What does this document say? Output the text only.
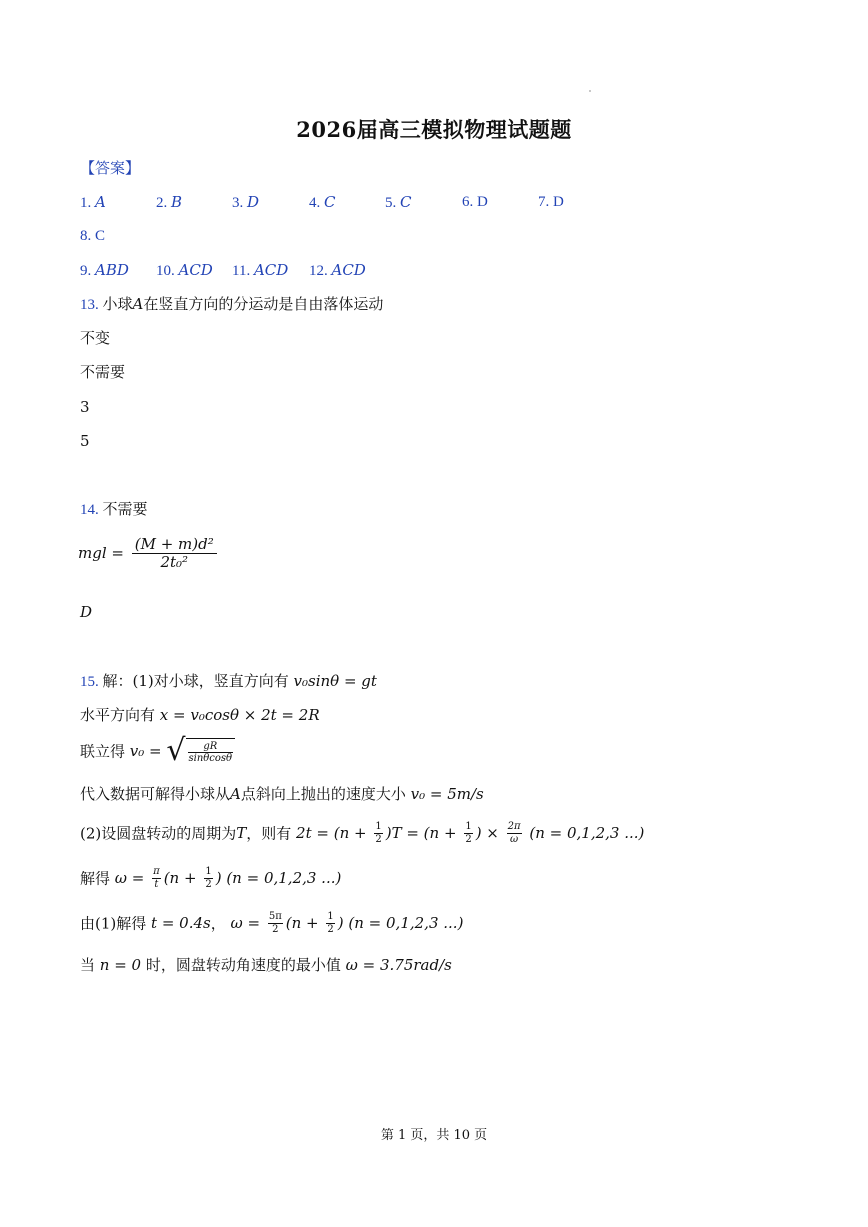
2026届高三模拟物理试题题
【答案】
1. A	2. B	3. D	4. C	5. C	6. D	7. D
8. C
9. ABD 10. ACD 11. ACD 12. ACD
13. 小球A在竖直方向的分运动是自由落体运动
不变
不需要
3
5
14. 不需要
mgl = $\frac{\text{(M + m)d²}}{\text{2t₀²}}$
D
15. 解：(1)对小球，竖直方向有 v₀sinθ = gt
水平方向有 x = v₀cosθ × 2t = 2R
联立得 v₀ = √ $\frac{gR}{\sin\theta\cos\theta}$
代入数据可解得小球从A点斜向上抛出的速度大小 v₀ = 5m/s
(2)设圆盘转动的周期为T，则有 $2t = (n + \frac{1}{2} )T = (n + \frac{1}{2}$ ) × $\frac{2\pi}{\omega} (n = 0,1,2,3$ ...)
解得 $\omega = \frac{\pi}{t} (n + \frac{1}{2}$ ) (n = 0,1,2,3 ...)
由(1)解得 t = 0.4s， $\omega = \frac{5\pi}{2} (n + \frac{1}{2}$ ) (n = 0,1,2,3 ...)
当 n = 0 时，圆盘转动角速度的最小值 ω = 3.75rad/s
第 1 页，共 10 页
